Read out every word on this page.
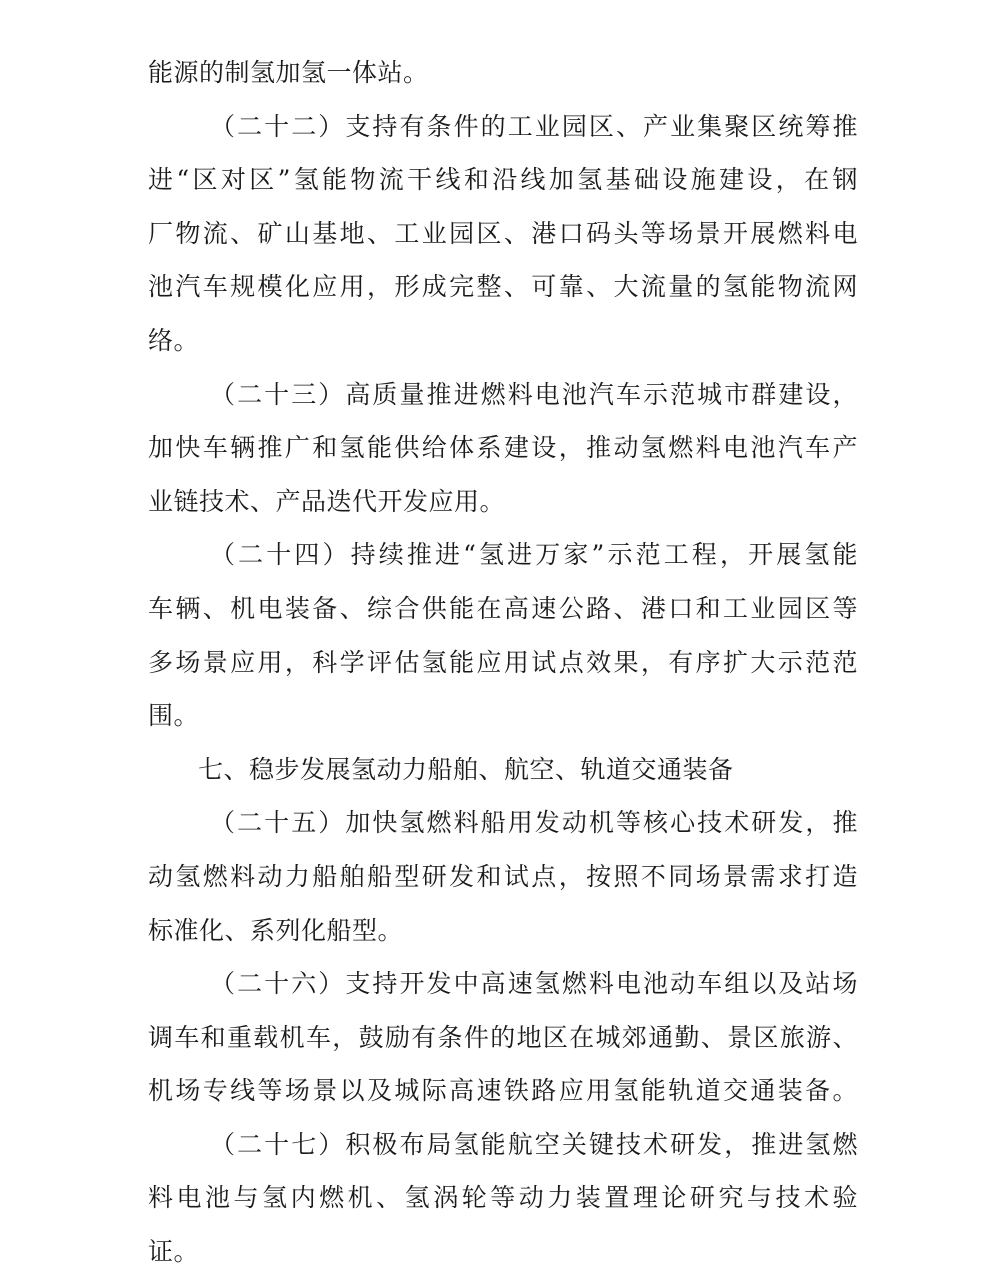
能源的制氢加氢一体站。
（二十二）支持有条件的工业园区、产业集聚区统筹推
进“区对区”氢能物流干线和沿线加氢基础设施建设，在钢
厂物流、矿山基地、工业园区、港口码头等场景开展燃料电
池汽车规模化应用，形成完整、可靠、大流量的氢能物流网
络。
（二十三）高质量推进燃料电池汽车示范城市群建设，
加快车辆推广和氢能供给体系建设，推动氢燃料电池汽车产
业链技术、产品迭代开发应用。
（二十四）持续推进“氢进万家”示范工程，开展氢能
车辆、机电装备、综合供能在高速公路、港口和工业园区等
多场景应用，科学评估氢能应用试点效果，有序扩大示范范
围。
七、稳步发展氢动力船舶、航空、轨道交通装备
（二十五）加快氢燃料船用发动机等核心技术研发，推
动氢燃料动力船舶船型研发和试点，按照不同场景需求打造
标准化、系列化船型。
（二十六）支持开发中高速氢燃料电池动车组以及站场
调车和重载机车，鼓励有条件的地区在城郊通勤、景区旅游、
机场专线等场景以及城际高速铁路应用氢能轨道交通装备。
（二十七）积极布局氢能航空关键技术研发，推进氢燃
料电池与氢内燃机、氢涡轮等动力装置理论研究与技术验
证。
